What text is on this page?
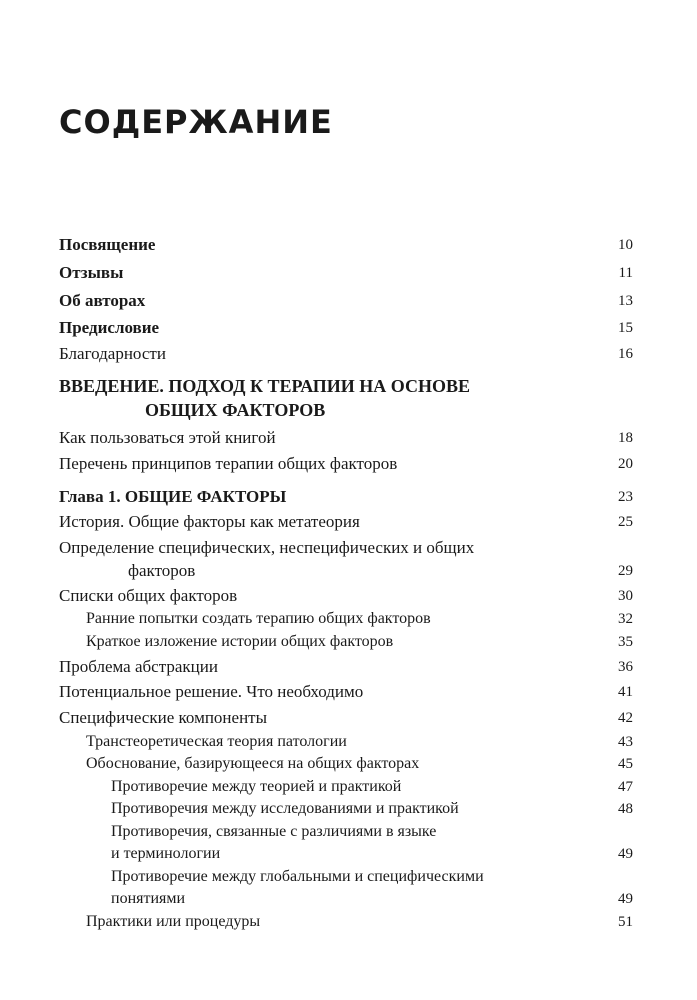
СОДЕРЖАНИЕ
Посвящение	10
Отзывы	11
Об авторах	13
Предисловие	15
Благодарности	16
ВВЕДЕНИЕ. ПОДХОД К ТЕРАПИИ НА ОСНОВЕ
ОБЩИХ ФАКТОРОВ
Как пользоваться этой книгой	18
Перечень принципов терапии общих факторов	20
Глава 1. ОБЩИЕ ФАКТОРЫ	23
История. Общие факторы как метатеория	25
Определение специфических, неспецифических и общих
факторов	29
Списки общих факторов	30
Ранние попытки создать терапию общих факторов	32
Краткое изложение истории общих факторов	35
Проблема абстракции	36
Потенциальное решение. Что необходимо	41
Специфические компоненты	42
Транстеоретическая теория патологии	43
Обоснование, базирующееся на общих факторах	45
Противоречие между теорией и практикой	47
Противоречия между исследованиями и практикой	48
Противоречия, связанные с различиями в языке
и терминологии	49
Противоречие между глобальными и специфическими
понятиями	49
Практики или процедуры	51
